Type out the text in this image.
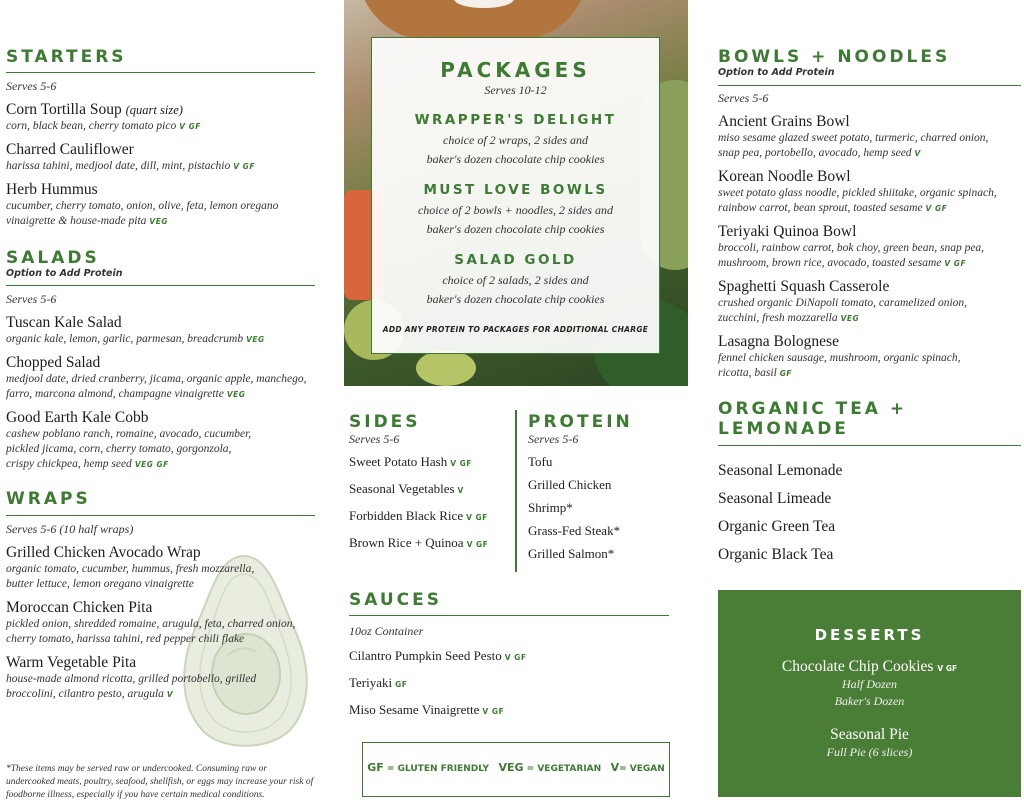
STARTERS
Serves 5-6
Corn Tortilla Soup (quart size)
corn, black bean, cherry tomato pico V GF
Charred Cauliflower
harissa tahini, medjool date, dill, mint, pistachio V GF
Herb Hummus
cucumber, cherry tomato, onion, olive, feta, lemon oregano
vinaigrette & house-made pita VEG
SALADS
Option to Add Protein
Serves 5-6
Tuscan Kale Salad
organic kale, lemon, garlic, parmesan, breadcrumb VEG
Chopped Salad
medjool date, dried cranberry, jicama, organic apple, manchego,
farro, marcona almond, champagne vinaigrette VEG
Good Earth Kale Cobb
cashew poblano ranch, romaine, avocado, cucumber,
pickled jicama, corn, cherry tomato, gorgonzola,
crispy chickpea, hemp seed VEG GF
WRAPS
Serves 5-6 (10 half wraps)
Grilled Chicken Avocado Wrap
organic tomato, cucumber, hummus, fresh mozzarella,
butter lettuce, lemon oregano vinaigrette
Moroccan Chicken Pita
pickled onion, shredded romaine, arugula, feta, charred onion,
cherry tomato, harissa tahini, red pepper chili flake
Warm Vegetable Pita
house-made almond ricotta, grilled portobello, grilled
broccolini, cilantro pesto, arugula V
*These items may be served raw or undercooked. Consuming raw or undercooked meats, poultry, seafood, shellfish, or eggs may increase your risk of foodborne illness, especially if you have certain medical conditions.
PACKAGES
Serves 10-12
WRAPPER'S DELIGHT
choice of 2 wraps, 2 sides and
baker's dozen chocolate chip cookies
MUST LOVE BOWLS
choice of 2 bowls + noodles, 2 sides and
baker's dozen chocolate chip cookies
SALAD GOLD
choice of 2 salads, 2 sides and
baker's dozen chocolate chip cookies
ADD ANY PROTEIN TO PACKAGES FOR ADDITIONAL CHARGE
SIDES
Serves 5-6
Sweet Potato Hash V GF
Seasonal Vegetables V
Forbidden Black Rice V GF
Brown Rice + Quinoa V GF
PROTEIN
Serves 5-6
Tofu
Grilled Chicken
Shrimp*
Grass-Fed Steak*
Grilled Salmon*
SAUCES
10oz Container
Cilantro Pumpkin Seed Pesto V GF
Teriyaki GF
Miso Sesame Vinaigrette V GF
GF = GLUTEN FRIENDLY VEG = VEGETARIAN V= VEGAN
BOWLS + NOODLES
Option to Add Protein
Serves 5-6
Ancient Grains Bowl
miso sesame glazed sweet potato, turmeric, charred onion,
snap pea, portobello, avocado, hemp seed V
Korean Noodle Bowl
sweet potato glass noodle, pickled shiitake, organic spinach,
rainbow carrot, bean sprout, toasted sesame V GF
Teriyaki Quinoa Bowl
broccoli, rainbow carrot, bok choy, green bean, snap pea,
mushroom, brown rice, avocado, toasted sesame V GF
Spaghetti Squash Casserole
crushed organic DiNapoli tomato, caramelized onion,
zucchini, fresh mozzarella VEG
Lasagna Bolognese
fennel chicken sausage, mushroom, organic spinach,
ricotta, basil GF
ORGANIC TEA + LEMONADE
Seasonal Lemonade
Seasonal Limeade
Organic Green Tea
Organic Black Tea
DESSERTS
Chocolate Chip Cookies V GF
Half Dozen
Baker's Dozen
Seasonal Pie
Full Pie (6 slices)
